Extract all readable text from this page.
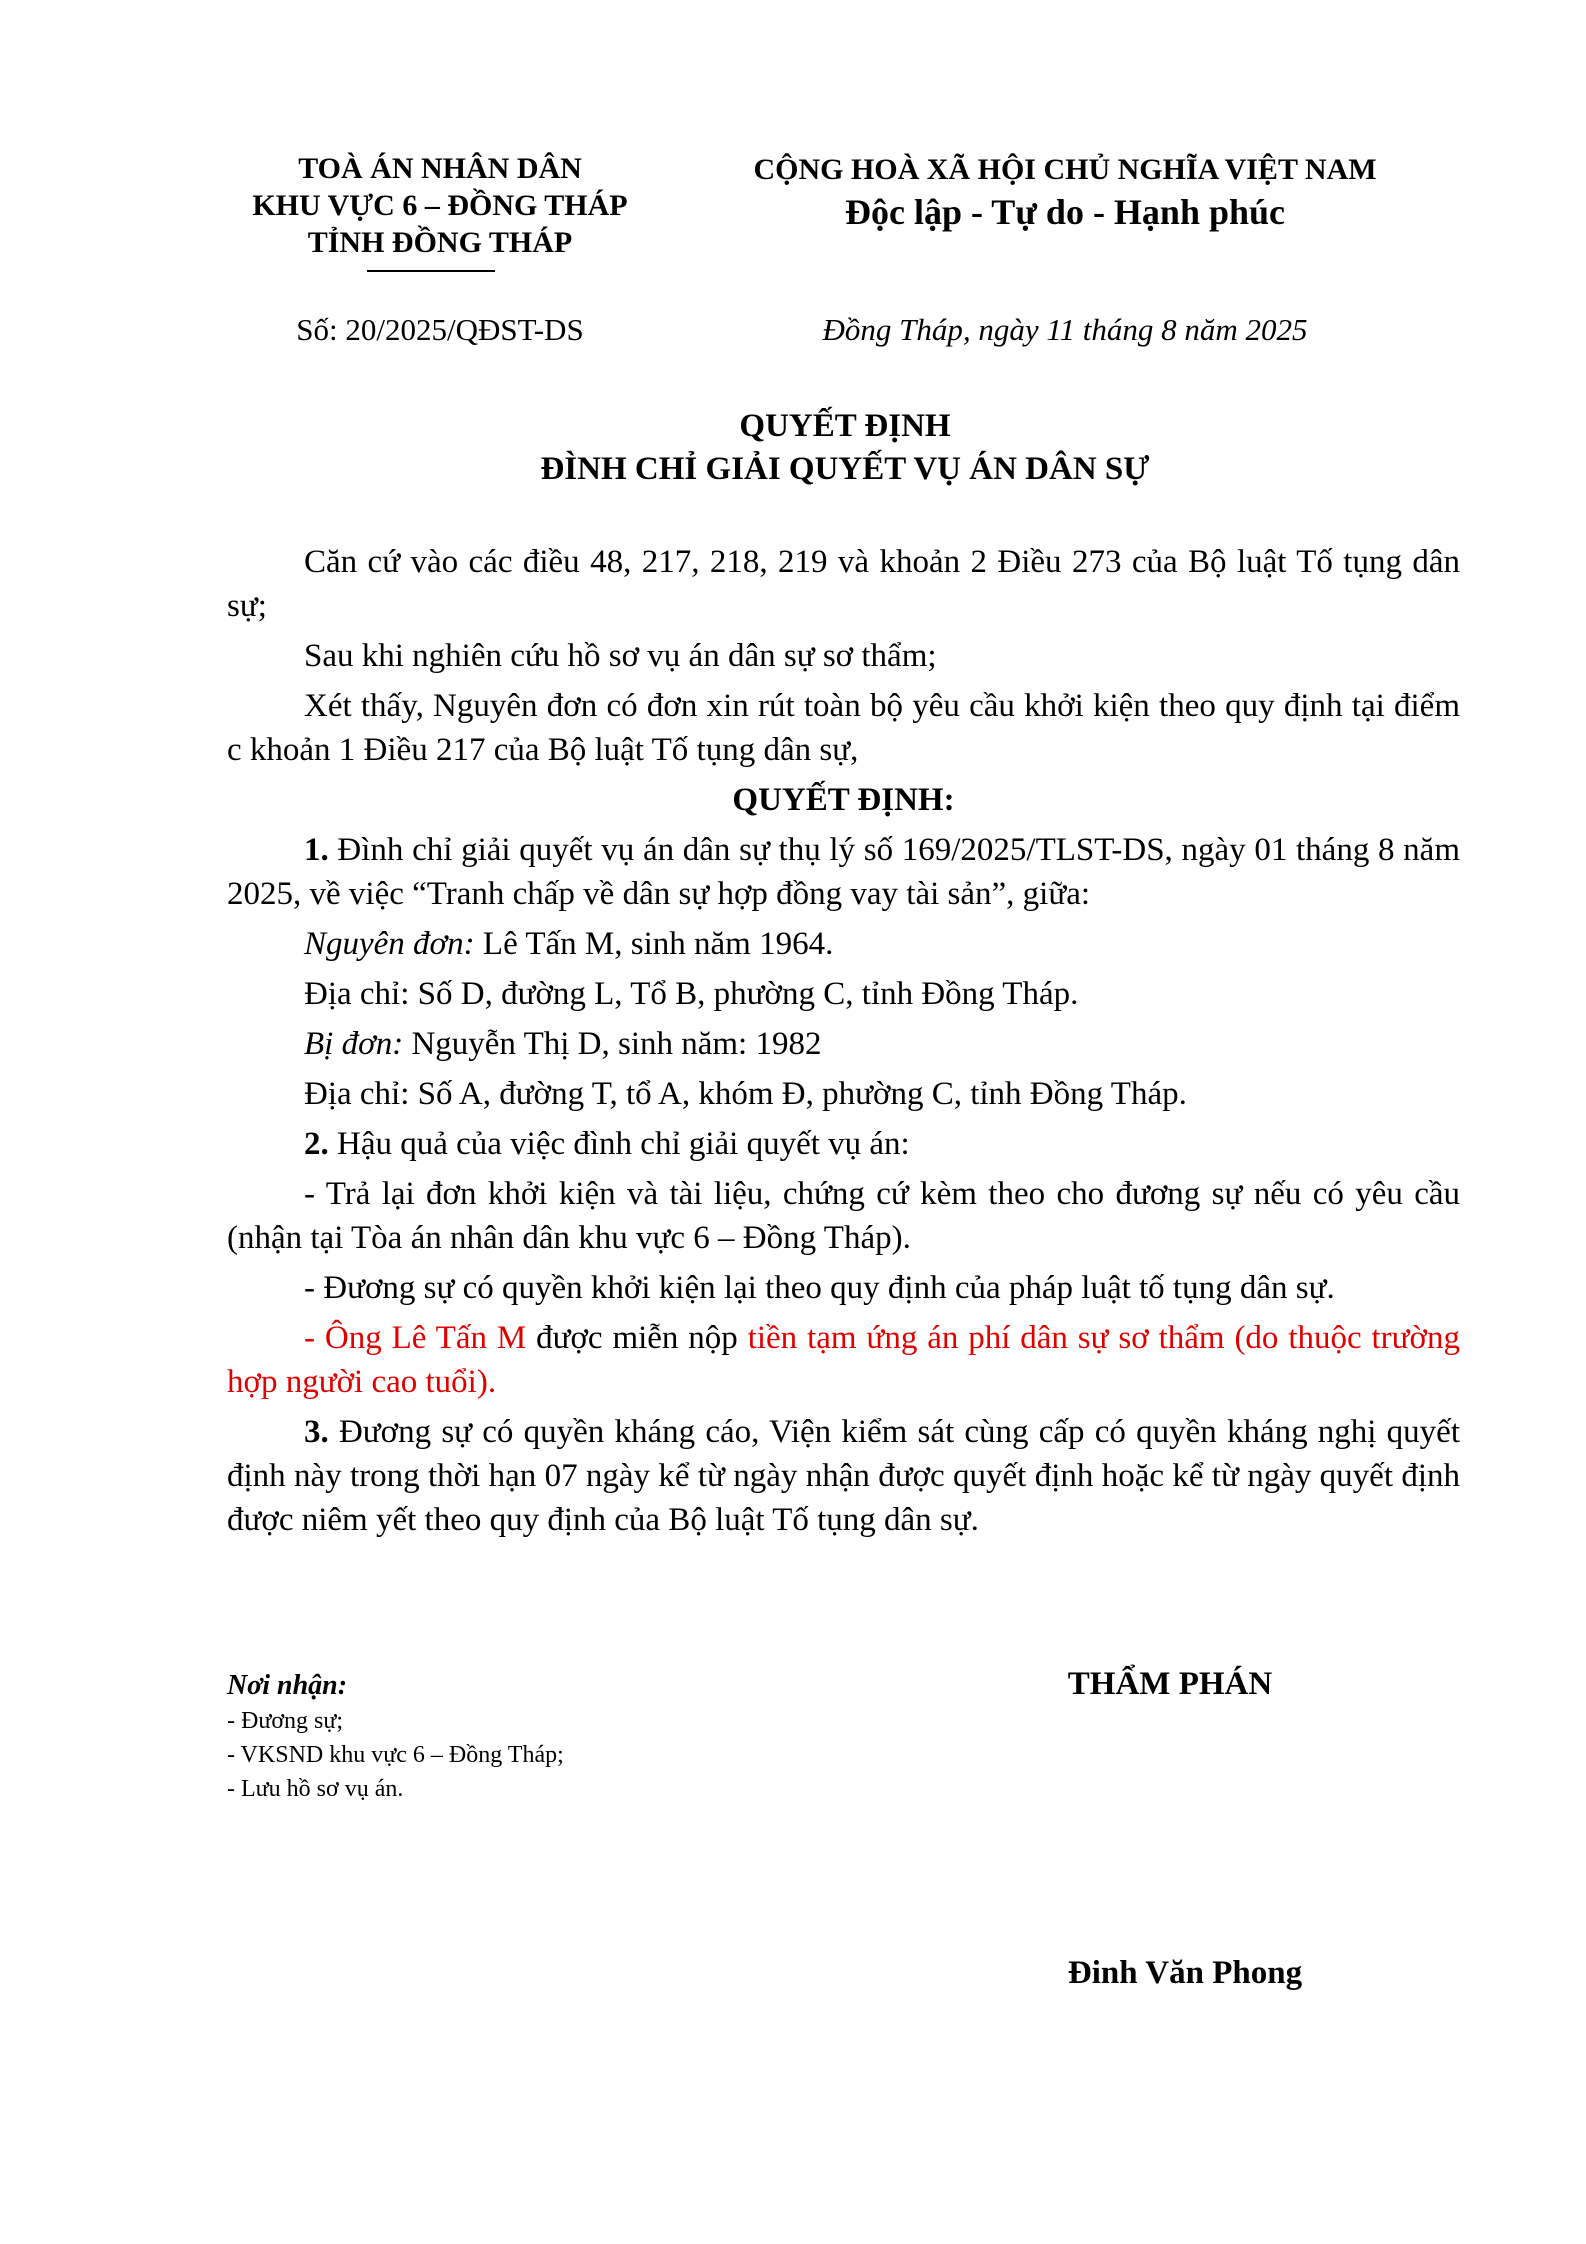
TOÀ ÁN NHÂN DÂN
KHU VỰC 6 – ĐỒNG THÁP
TỈNH ĐỒNG THÁP
CỘNG HOÀ XÃ HỘI CHỦ NGHĨA VIỆT NAM
Độc lập - Tự do - Hạnh phúc
Số: 20/2025/QĐST-DS	Đồng Tháp, ngày 11 tháng 8 năm 2025
QUYẾT ĐỊNH
ĐÌNH CHỈ GIẢI QUYẾT VỤ ÁN DÂN SỰ

Căn cứ vào các điều 48, 217, 218, 219 và khoản 2 Điều 273 của Bộ luật Tố tụng dân sự;

Sau khi nghiên cứu hồ sơ vụ án dân sự sơ thẩm;

Xét thấy, Nguyên đơn có đơn xin rút toàn bộ yêu cầu khởi kiện theo quy định tại điểm c khoản 1 Điều 217 của Bộ luật Tố tụng dân sự,

QUYẾT ĐỊNH:

1. Đình chỉ giải quyết vụ án dân sự thụ lý số 169/2025/TLST-DS, ngày 01 tháng 8 năm 2025, về việc “Tranh chấp về dân sự hợp đồng vay tài sản”, giữa:

Nguyên đơn: Lê Tấn M, sinh năm 1964.

Địa chỉ: Số D, đường L, Tổ B, phường C, tỉnh Đồng Tháp.

Bị đơn: Nguyễn Thị D, sinh năm: 1982

Địa chỉ: Số A, đường T, tổ A, khóm Đ, phường C, tỉnh Đồng Tháp.

2. Hậu quả của việc đình chỉ giải quyết vụ án:

- Trả lại đơn khởi kiện và tài liệu, chứng cứ kèm theo cho đương sự nếu có yêu cầu (nhận tại Tòa án nhân dân khu vực 6 – Đồng Tháp).

- Đương sự có quyền khởi kiện lại theo quy định của pháp luật tố tụng dân sự.

- Ông Lê Tấn M được miễn nộp tiền tạm ứng án phí dân sự sơ thẩm (do thuộc trường hợp người cao tuổi).

3. Đương sự có quyền kháng cáo, Viện kiểm sát cùng cấp có quyền kháng nghị quyết định này trong thời hạn 07 ngày kể từ ngày nhận được quyết định hoặc kể từ ngày quyết định được niêm yết theo quy định của Bộ luật Tố tụng dân sự.

Nơi nhận:
- Đương sự;
- VKSND khu vực 6 – Đồng Tháp;
- Lưu hồ sơ vụ án.
THẨM PHÁN
Đinh Văn Phong
